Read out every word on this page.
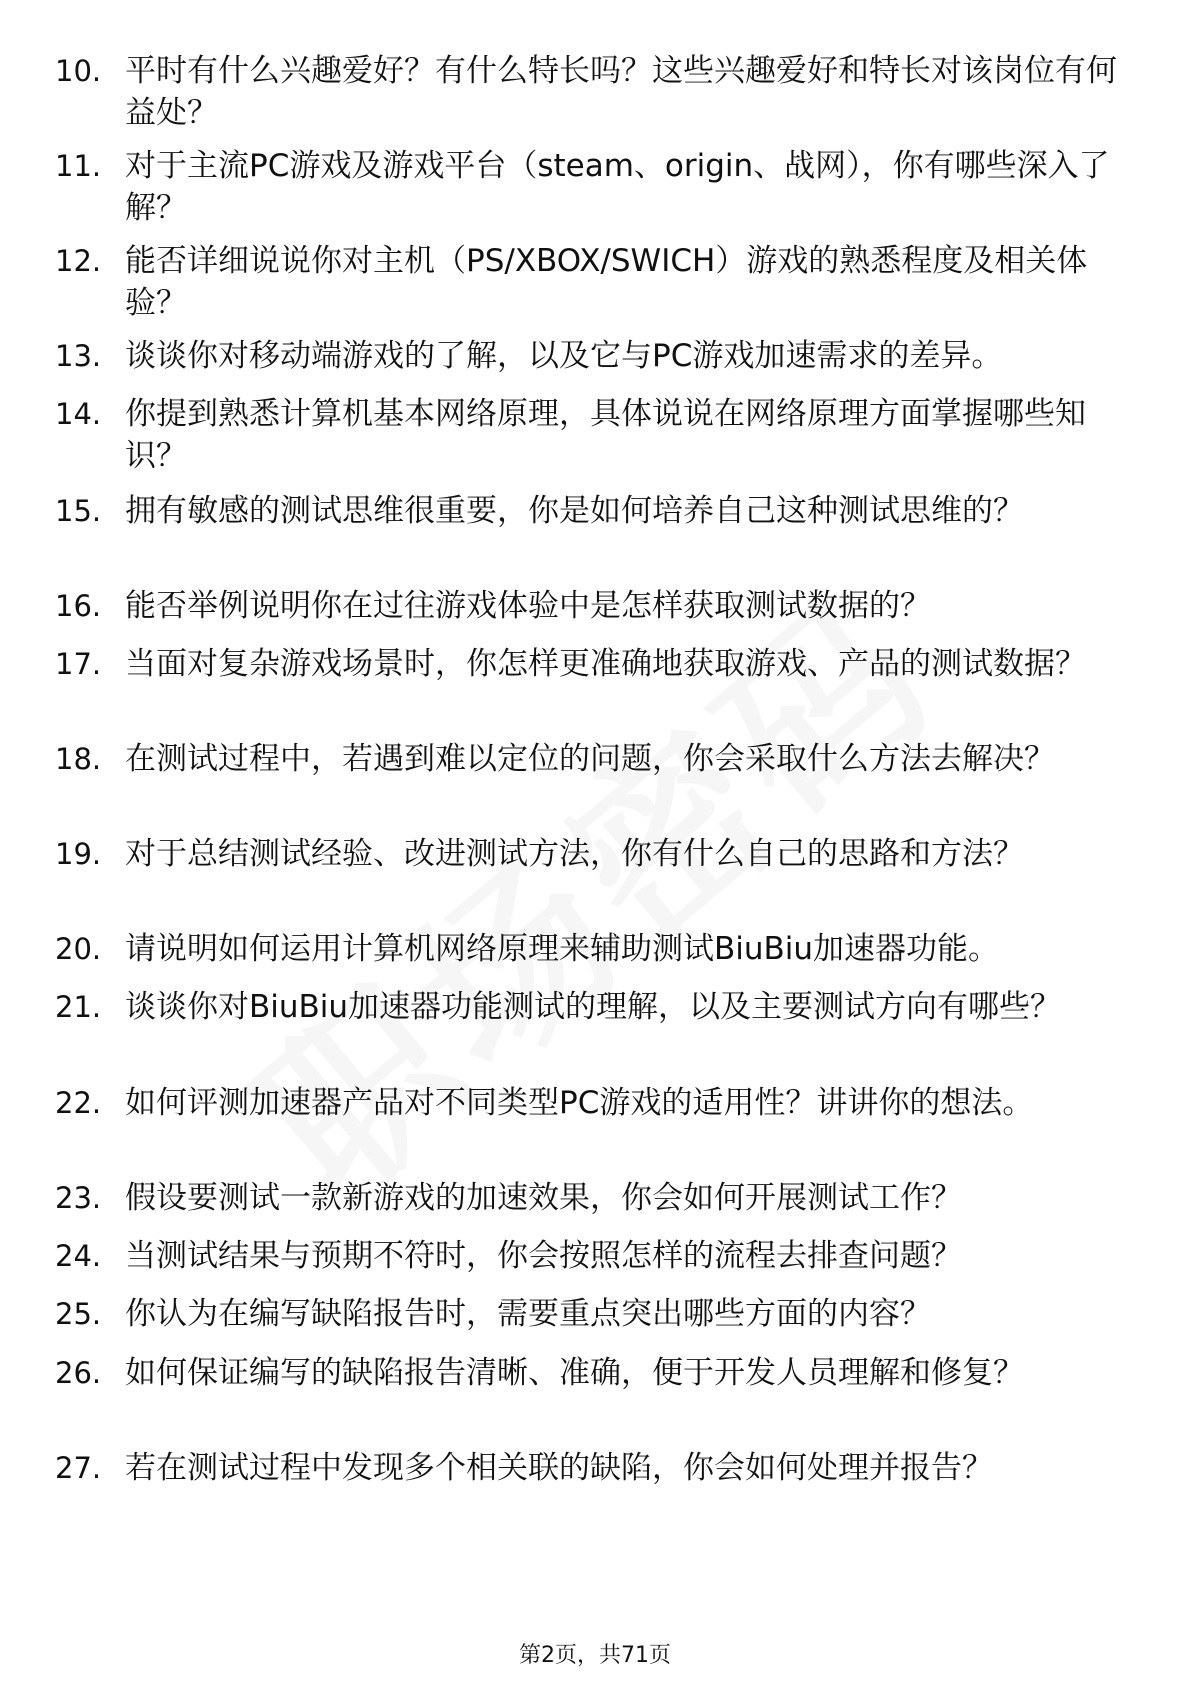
10. 平时有什么兴趣爱好？有什么特长吗？这些兴趣爱好和特长对该岗位有何益处？
11. 对于主流PC游戏及游戏平台（steam、origin、战网），你有哪些深入了解？
12. 能否详细说说你对主机（PS/XBOX/SWICH）游戏的熟悉程度及相关体验？
13. 谈谈你对移动端游戏的了解，以及它与PC游戏加速需求的差异。
14. 你提到熟悉计算机基本网络原理，具体说说在网络原理方面掌握哪些知识？
15. 拥有敏感的测试思维很重要，你是如何培养自己这种测试思维的？
16. 能否举例说明你在过往游戏体验中是怎样获取测试数据的？
17. 当面对复杂游戏场景时，你怎样更准确地获取游戏、产品的测试数据？
18. 在测试过程中，若遇到难以定位的问题，你会采取什么方法去解决？
19. 对于总结测试经验、改进测试方法，你有什么自己的思路和方法？
20. 请说明如何运用计算机网络原理来辅助测试BiuBiu加速器功能。
21. 谈谈你对BiuBiu加速器功能测试的理解，以及主要测试方向有哪些？
22. 如何评测加速器产品对不同类型PC游戏的适用性？讲讲你的想法。
23. 假设要测试一款新游戏的加速效果，你会如何开展测试工作？
24. 当测试结果与预期不符时，你会按照怎样的流程去排查问题？
25. 你认为在编写缺陷报告时，需要重点突出哪些方面的内容？
26. 如何保证编写的缺陷报告清晰、准确，便于开发人员理解和修复？
27. 若在测试过程中发现多个相关联的缺陷，你会如何处理并报告？
第2页，共71页
